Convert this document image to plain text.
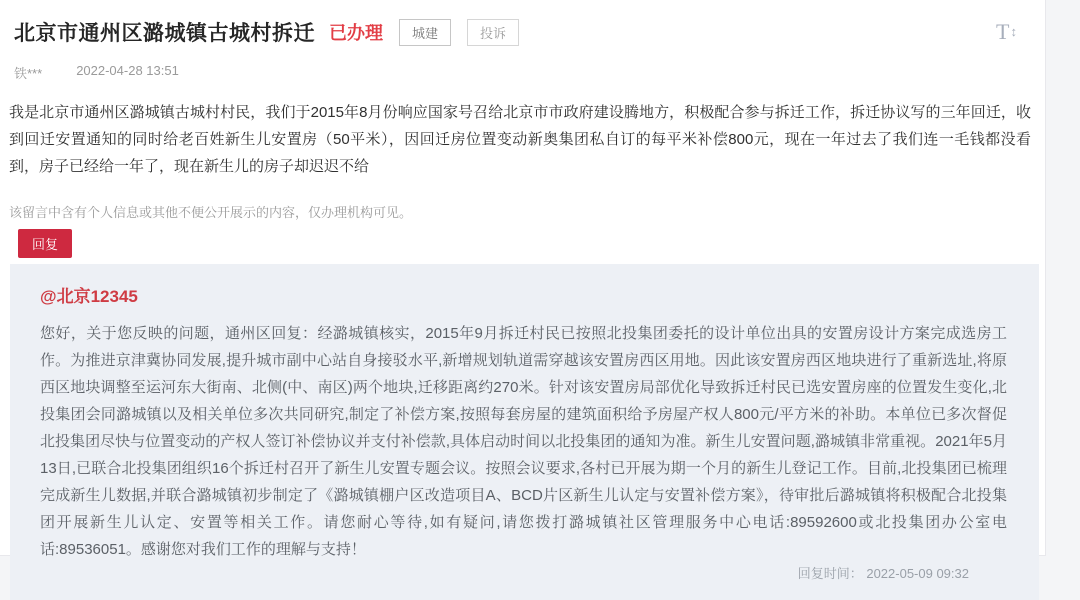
北京市通州区潞城镇古城村拆迁 已办理	城建	投诉	T↕
铁***	2022-04-28 13:51

我是北京市通州区潞城镇古城村村民，我们于2015年8月份响应国家号召给北京市市政府建设腾地方，积极配合参与拆迁工作，拆迁协议写的三年回迁，收到回迁安置通知的同时给老百姓新生儿安置房（50平米），因回迁房位置变动新奥集团私自订的每平米补偿800元，现在一年过去了我们连一毛钱都没看到，房子已经给一年了，现在新生儿的房子却迟迟不给

该留言中含有个人信息或其他不便公开展示的内容，仅办理机构可见。

回复
@北京12345

您好，关于您反映的问题，通州区回复：经潞城镇核实，2015年9月拆迁村民已按照北投集团委托的设计单位出具的安置房设计方案完成选房工作。为推进京津冀协同发展,提升城市副中心站自身接驳水平,新增规划轨道需穿越该安置房西区用地。因此该安置房西区地块进行了重新选址,将原西区地块调整至运河东大街南、北侧(中、南区)两个地块,迁移距离约270米。针对该安置房局部优化导致拆迁村民已选安置房座的位置发生变化,北投集团会同潞城镇以及相关单位多次共同研究,制定了补偿方案,按照每套房屋的建筑面积给予房屋产权人800元/平方米的补助。本单位已多次督促北投集团尽快与位置变动的产权人签订补偿协议并支付补偿款,具体启动时间以北投集团的通知为准。新生儿安置问题,潞城镇非常重视。2021年5月13日,已联合北投集团组织16个拆迁村召开了新生儿安置专题会议。按照会议要求,各村已开展为期一个月的新生儿登记工作。目前,北投集团已梳理完成新生儿数据,并联合潞城镇初步制定了《潞城镇棚户区改造项目A、BCD片区新生儿认定与安置补偿方案》，待审批后潞城镇将积极配合北投集团开展新生儿认定、安置等相关工作。请您耐心等待,如有疑问,请您拨打潞城镇社区管理服务中心电话:89592600或北投集团办公室电话:89536051。感谢您对我们工作的理解与支持！

回复时间： 2022-05-09 09:32
